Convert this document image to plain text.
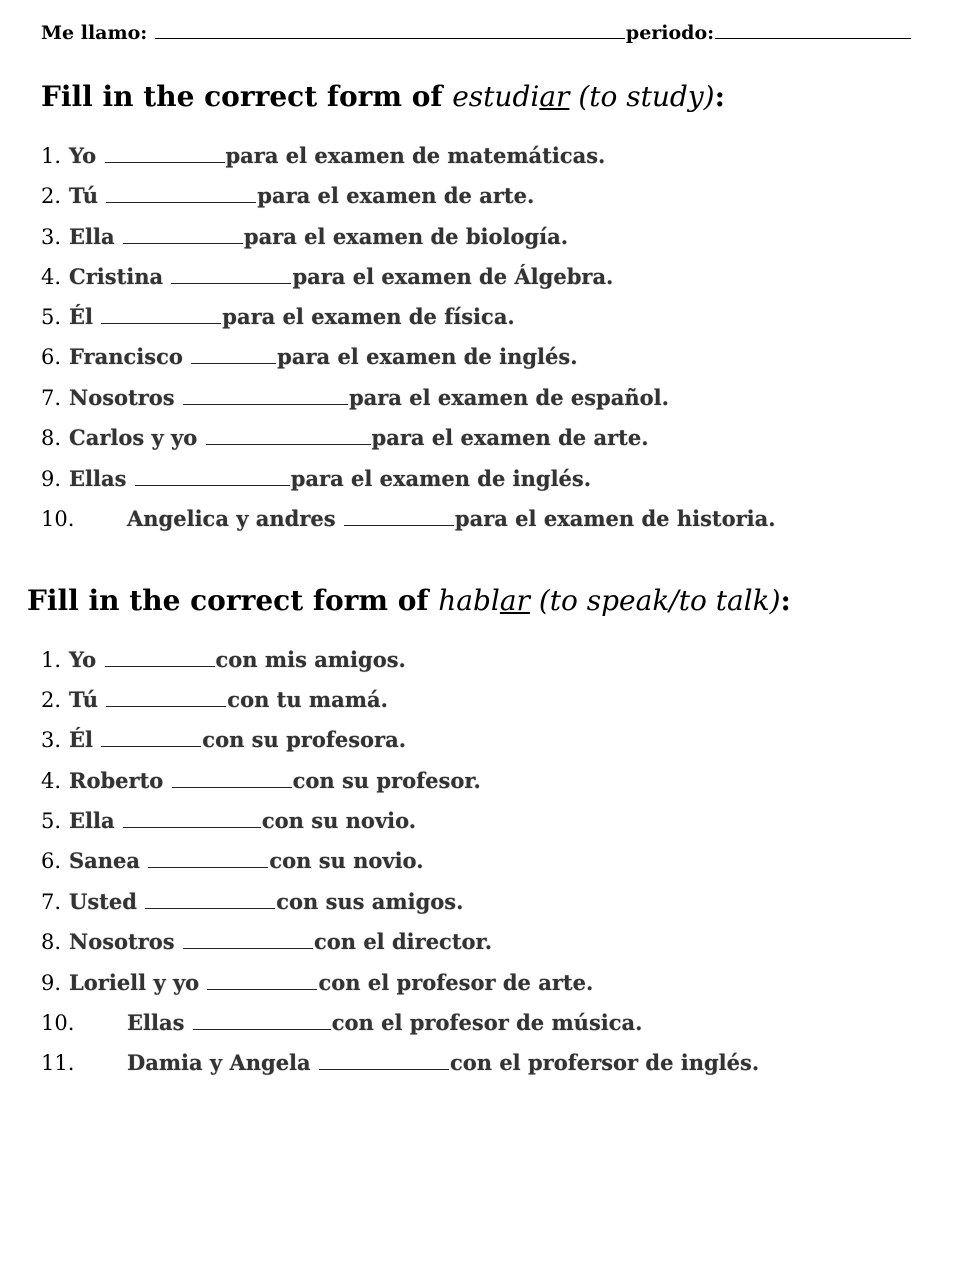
Me llamo:	periodo:
Fill in the correct form of estudiar (to study):
Fill in the correct form of hablar (to speak/to talk):
1. Yo	para el examen de matemáticas.
2. Tú	para el examen de arte.
3. Ella	para el examen de biología.
4. Cristina	para el examen de Álgebra.
5. Él	para el examen de física.
6. Francisco	para el examen de inglés.
7. Nosotros	para el examen de español.
8. Carlos y yo	para el examen de arte.
9. Ellas	para el examen de inglés.
10.	Angelica y andres	para el examen de historia.
1. Yo	con mis amigos.
2. Tú	con tu mamá.
3. Él	con su profesora.
4. Roberto	con su profesor.
5. Ella	con su novio.
6. Sanea	con su novio.
7. Usted	con sus amigos.
8. Nosotros	con el director.
9. Loriell y yo	con el profesor de arte.
10.	Ellas	con el profesor de música.
11.	Damia y Angela	con el profersor de inglés.
